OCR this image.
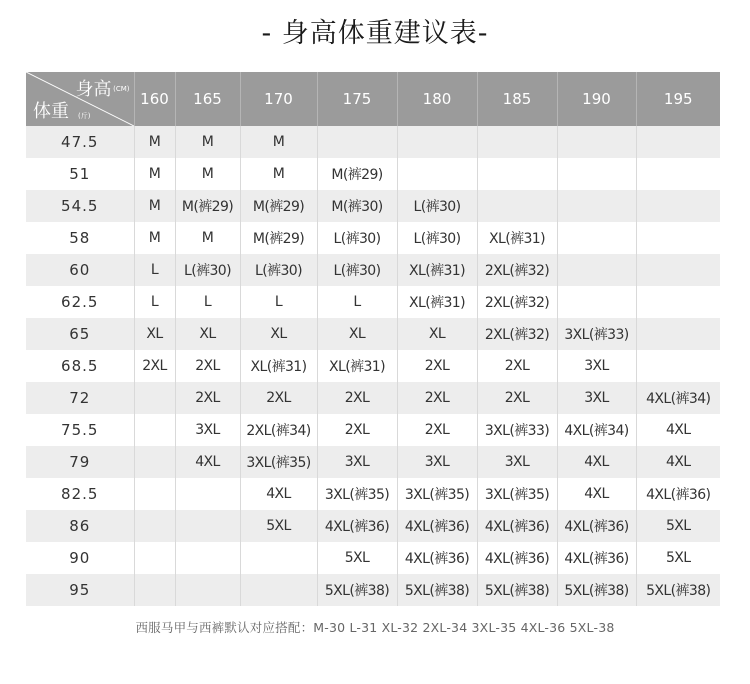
- 身高体重建议表-
身高 (CM)
体重 (斤)	160	165	170	175	180	185	190	195
47.5	M	M	M					
51	M	M	M	M(裤29)				
54.5	M	M(裤29)	M(裤29)	M(裤30)	L(裤30)			
58	M	M	M(裤29)	L(裤30)	L(裤30)	XL(裤31)		
60	L	L(裤30)	L(裤30)	L(裤30)	XL(裤31)	2XL(裤32)		
62.5	L	L	L	L	XL(裤31)	2XL(裤32)		
65	XL	XL	XL	XL	XL	2XL(裤32)	3XL(裤33)	
68.5	2XL	2XL	XL(裤31)	XL(裤31)	2XL	2XL	3XL	
72		2XL	2XL	2XL	2XL	2XL	3XL	4XL(裤34)
75.5		3XL	2XL(裤34)	2XL	2XL	3XL(裤33)	4XL(裤34)	4XL
79		4XL	3XL(裤35)	3XL	3XL	3XL	4XL	4XL
82.5			4XL	3XL(裤35)	3XL(裤35)	3XL(裤35)	4XL	4XL(裤36)
86			5XL	4XL(裤36)	4XL(裤36)	4XL(裤36)	4XL(裤36)	5XL
90				5XL	4XL(裤36)	4XL(裤36)	4XL(裤36)	5XL
95				5XL(裤38)	5XL(裤38)	5XL(裤38)	5XL(裤38)	5XL(裤38)
西服马甲与西裤默认对应搭配：M-30 L-31 XL-32 2XL-34 3XL-35 4XL-36 5XL-38
